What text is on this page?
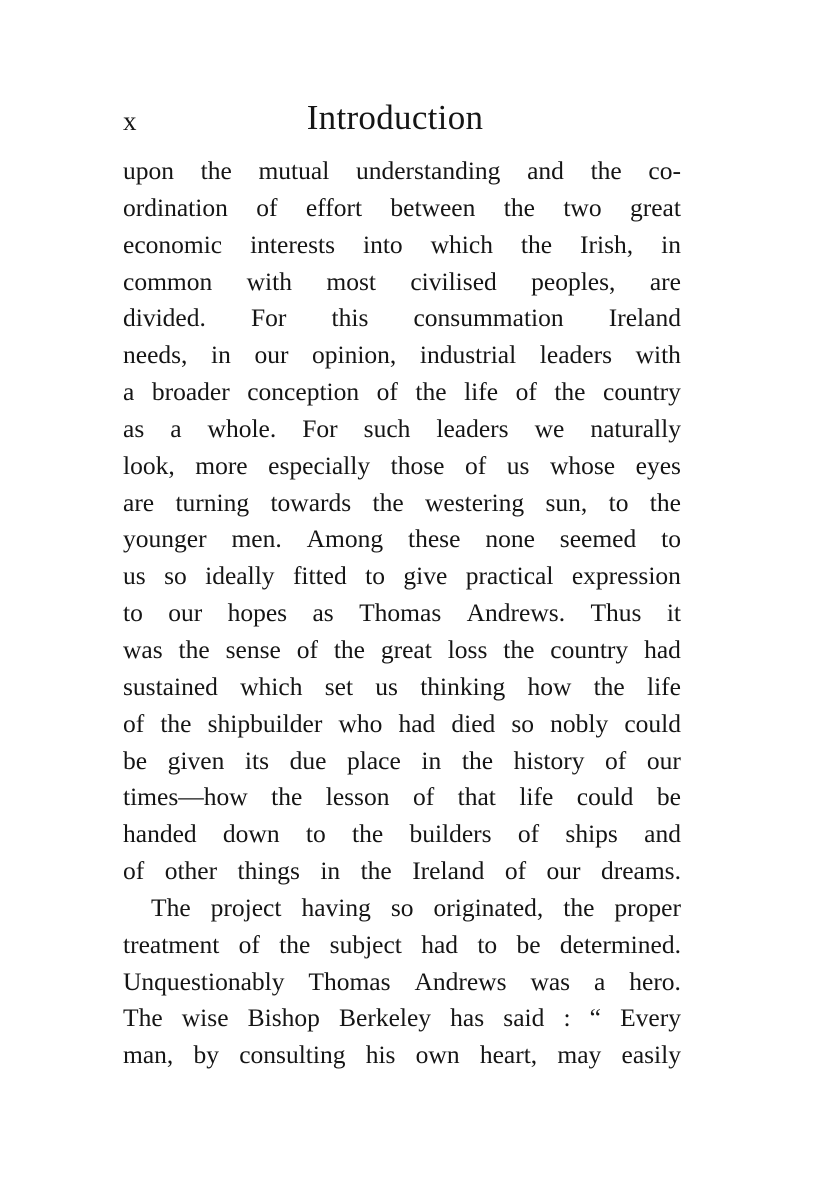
x	Introduction
upon the mutual understanding and the co-
ordination of effort between the two great
economic interests into which the Irish, in
common with most civilised peoples, are
divided. For this consummation Ireland
needs, in our opinion, industrial leaders with
a broader conception of the life of the country
as a whole. For such leaders we naturally
look, more especially those of us whose eyes
are turning towards the westering sun, to the
younger men. Among these none seemed to
us so ideally fitted to give practical expression
to our hopes as Thomas Andrews. Thus it
was the sense of the great loss the country had
sustained which set us thinking how the life
of the shipbuilder who had died so nobly could
be given its due place in the history of our
times—how the lesson of that life could be
handed down to the builders of ships and
of other things in the Ireland of our dreams.
The project having so originated, the proper
treatment of the subject had to be determined.
Unquestionably Thomas Andrews was a hero.
The wise Bishop Berkeley has said : “ Every
man, by consulting his own heart, may easily
